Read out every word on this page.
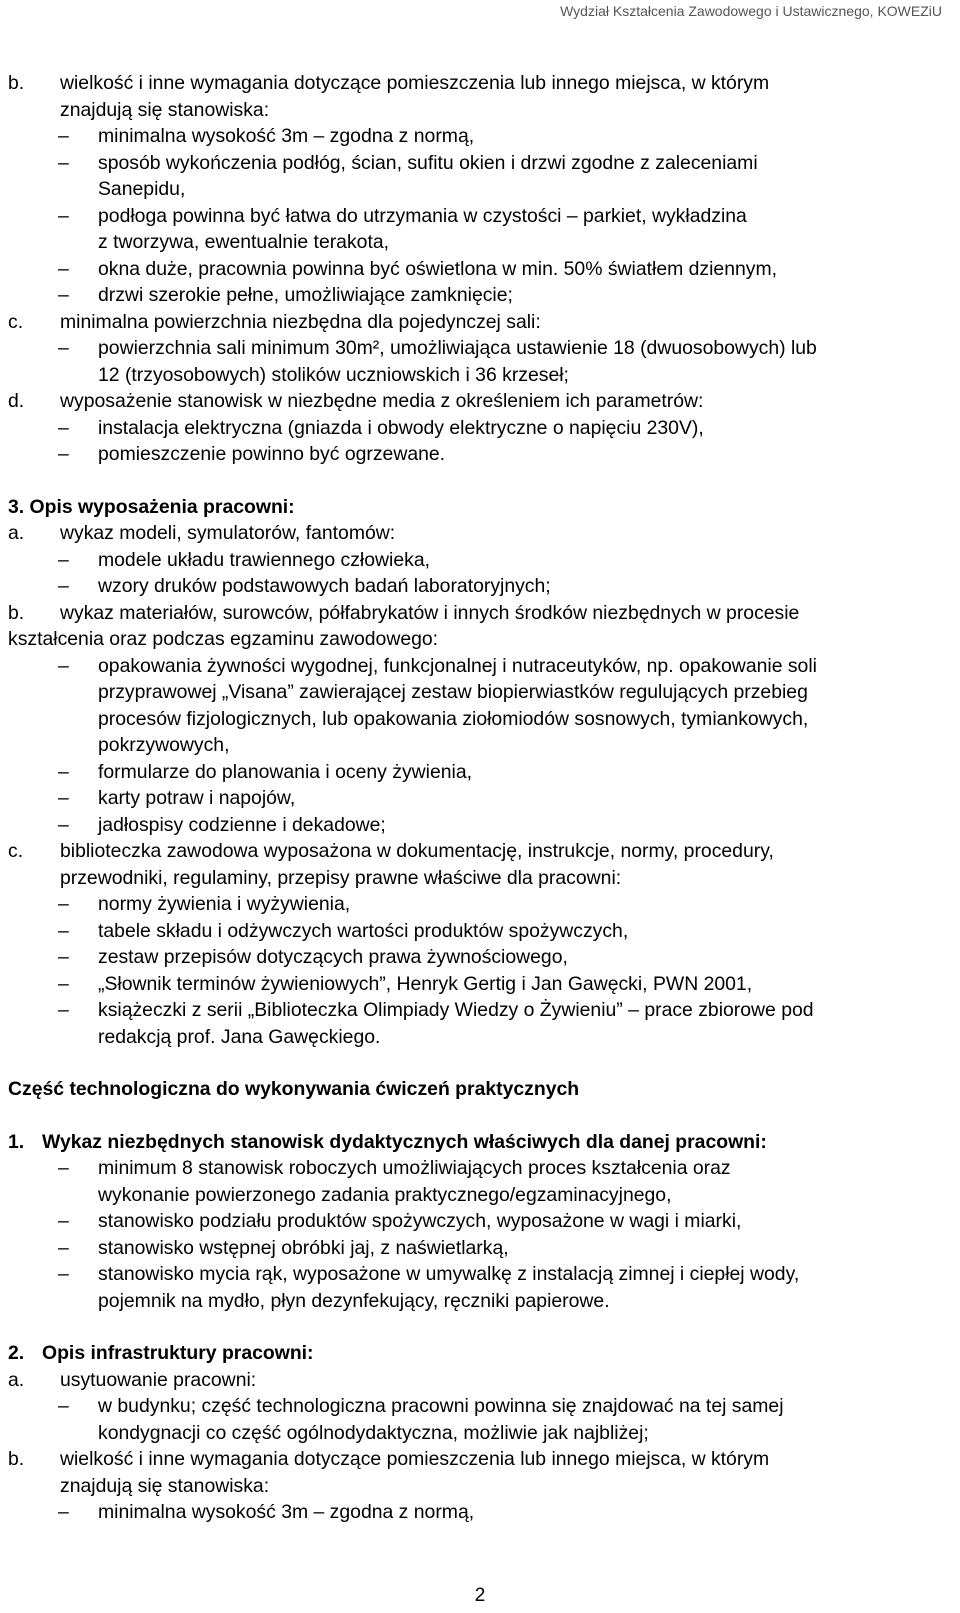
Wydział Kształcenia Zawodowego i Ustawicznego, KOWEZiU
b.	wielkość i inne wymagania dotyczące pomieszczenia lub innego miejsca, w którym
znajdują się stanowiska:
– minimalna wysokość 3m – zgodna z normą,
– sposób wykończenia podłóg, ścian, sufitu okien i drzwi zgodne z zaleceniami
Sanepidu,
– podłoga powinna być łatwa do utrzymania w czystości – parkiet, wykładzina
z tworzywa, ewentualnie terakota,
– okna duże, pracownia powinna być oświetlona w min. 50% światłem dziennym,
– drzwi szerokie pełne, umożliwiające zamknięcie;
c.	minimalna powierzchnia niezbędna dla pojedynczej sali:
– powierzchnia sali minimum 30m², umożliwiająca ustawienie 18 (dwuosobowych) lub
12 (trzyosobowych) stolików uczniowskich i 36 krzeseł;
d.	wyposażenie stanowisk w niezbędne media z określeniem ich parametrów:
– instalacja elektryczna (gniazda i obwody elektryczne o napięciu 230V),
– pomieszczenie powinno być ogrzewane.
3. Opis wyposażenia pracowni:
a.	wykaz modeli, symulatorów, fantomów:
– modele układu trawiennego człowieka,
– wzory druków podstawowych badań laboratoryjnych;
b.	wykaz materiałów, surowców, półfabrykatów i innych środków niezbędnych w procesie
kształcenia oraz podczas egzaminu zawodowego:
– opakowania żywności wygodnej, funkcjonalnej i nutraceutyków, np. opakowanie soli
przyprawowej „Visana” zawierającej zestaw biopierwiastków regulujących przebieg
procesów fizjologicznych, lub opakowania ziołomiodów sosnowych, tymiankowych,
pokrzywowych,
– formularze do planowania i oceny żywienia,
– karty potraw i napojów,
– jadłospisy codzienne i dekadowe;
c.	biblioteczka zawodowa wyposażona w dokumentację, instrukcje, normy, procedury,
przewodniki, regulaminy, przepisy prawne właściwe dla pracowni:
– normy żywienia i wyżywienia,
– tabele składu i odżywczych wartości produktów spożywczych,
– zestaw przepisów dotyczących prawa żywnościowego,
– „Słownik terminów żywieniowych”, Henryk Gertig i Jan Gawęcki, PWN 2001,
– książeczki z serii „Biblioteczka Olimpiady Wiedzy o Żywieniu” – prace zbiorowe pod
redakcją prof. Jana Gawęckiego.
Część technologiczna do wykonywania ćwiczeń praktycznych
1. Wykaz niezbędnych stanowisk dydaktycznych właściwych dla danej pracowni:
– minimum 8 stanowisk roboczych umożliwiających proces kształcenia oraz
wykonanie powierzonego zadania praktycznego/egzaminacyjnego,
– stanowisko podziału produktów spożywczych, wyposażone w wagi i miarki,
– stanowisko wstępnej obróbki jaj, z naświetlarką,
– stanowisko mycia rąk, wyposażone w umywalkę z instalacją zimnej i ciepłej wody,
pojemnik na mydło, płyn dezynfekujący, ręczniki papierowe.
2. Opis infrastruktury pracowni:
a.	usytuowanie pracowni:
– w budynku; część technologiczna pracowni powinna się znajdować na tej samej
kondygnacji co część ogólnodydaktyczna, możliwie jak najbliżej;
b.	wielkość i inne wymagania dotyczące pomieszczenia lub innego miejsca, w którym
znajdują się stanowiska:
– minimalna wysokość 3m – zgodna z normą,
2
